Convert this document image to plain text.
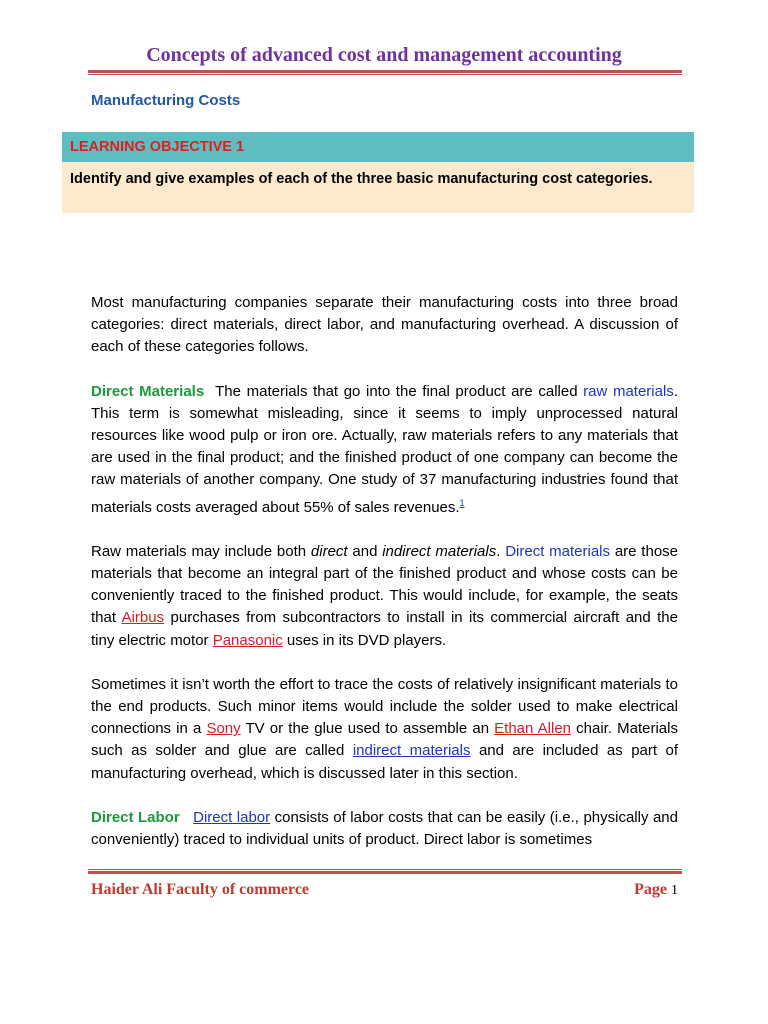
Concepts of advanced cost and management accounting
Manufacturing Costs
LEARNING OBJECTIVE 1
Identify and give examples of each of the three basic manufacturing cost categories.

Most manufacturing companies separate their manufacturing costs into three broad categories: direct materials, direct labor, and manufacturing overhead. A discussion of each of these categories follows.

Direct Materials The materials that go into the final product are called raw materials. This term is somewhat misleading, since it seems to imply unprocessed natural resources like wood pulp or iron ore. Actually, raw materials refers to any materials that are used in the final product; and the finished product of one company can become the raw materials of another company. One study of 37 manufacturing industries found that materials costs averaged about 55% of sales revenues.$^1$

Raw materials may include both direct and indirect materials. Direct materials are those materials that become an integral part of the finished product and whose costs can be conveniently traced to the finished product. This would include, for example, the seats that Airbus purchases from subcontractors to install in its commercial aircraft and the tiny electric motor Panasonic uses in its DVD players.

Sometimes it isn’t worth the effort to trace the costs of relatively insignificant materials to the end products. Such minor items would include the solder used to make electrical connections in a Sony TV or the glue used to assemble an Ethan Allen chair. Materials such as solder and glue are called indirect materials and are included as part of manufacturing overhead, which is discussed later in this section.

Direct Labor Direct labor consists of labor costs that can be easily (i.e., physically and conveniently) traced to individual units of product. Direct labor is sometimes

Haider Ali Faculty of commerce	Page 1
